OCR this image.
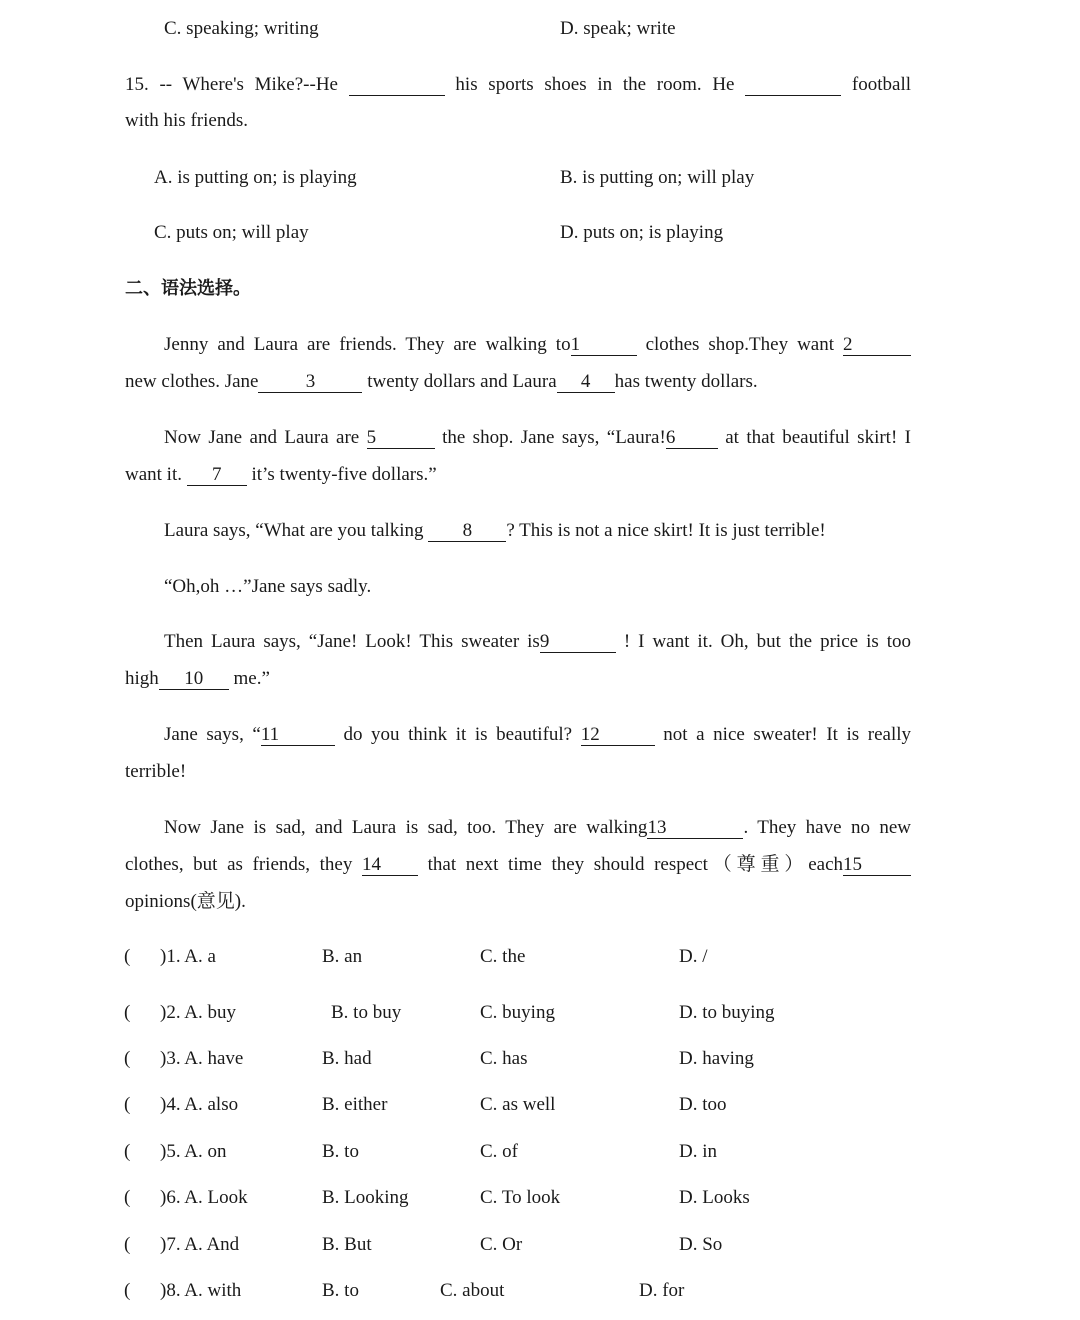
C. speaking; writing	D. speak; write
15. -- Where's Mike?--He	his sports shoes in the room. He	football
with his friends.
A. is putting on; is playing	B. is putting on; will play
C. puts on; will play	D. puts on; is playing
二、语法选择。
Jenny and Laura are friends. They are walking to1	clothes shop.They want 2
new clothes. Jane 3	twenty dollars and Laura 4 has twenty dollars.
Now Jane and Laura are 5	the shop. Jane says, “Laura!6	at that beautiful skirt! I
want it. 7 it’s twenty-five dollars.”
Laura says, “What are you talking 8 ? This is not a nice skirt! It is just terrible!
“Oh,oh …”Jane says sadly.
Then Laura says, “Jane! Look! This sweater is9	! I want it. Oh, but the price is too
high 10 me.”
Jane says, “11	do you think it is beautiful? 12	not a nice sweater! It is really
terrible!
Now Jane is sad, and Laura is sad, too. They are walking13	. They have no new
clothes, but as friends, they 14 that next time they should respect（尊重）each15
opinions(意见).
( )1. A. a	B. an	C. the	D. /
( )2. A. buy	B. to buy	C. buying	D. to buying
( )3. A. have	B. had	C. has	D. having
( )4. A. also	B. either	C. as well	D. too
( )5. A. on	B. to	C. of	D. in
( )6. A. Look	B. Looking	C. To look	D. Looks
( )7. A. And	B. But	C. Or	D. So
( )8. A. with	B. to	C. about	D. for
